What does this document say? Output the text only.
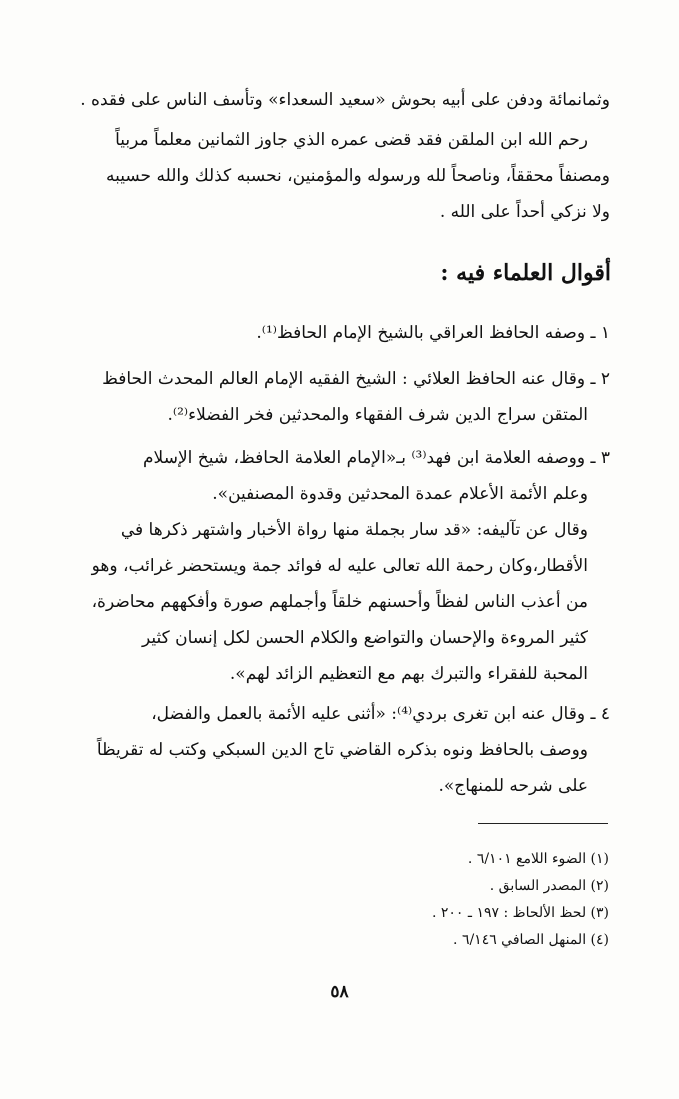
وثمانمائة ودفن على أبيه بحوش «سعيد السعداء» وتأسف الناس على فقده .
رحم الله ابن الملقن فقد قضى عمره الذي جاوز الثمانين معلماً مربياً
ومصنفاً محققاً، وناصحاً لله ورسوله والمؤمنين، نحسبه كذلك والله حسيبه
ولا نزكي أحداً على الله .
أقوال العلماء فيه :
١ ـ وصفه الحافظ العراقي بالشيخ الإمام الحافظ⁽¹⁾.
٢ ـ وقال عنه الحافظ العلائي : الشيخ الفقيه الإمام العالم المحدث الحافظ
المتقن سراج الدين شرف الفقهاء والمحدثين فخر الفضلاء⁽²⁾.
٣ ـ ووصفه العلامة ابن فهد⁽³⁾ بـ«الإمام العلامة الحافظ، شيخ الإسلام
وعلم الأئمة الأعلام عمدة المحدثين وقدوة المصنفين».
وقال عن تآليفه: «قد سار بجملة منها رواة الأخبار واشتهر ذكرها في
الأقطار،وكان رحمة الله تعالى عليه له فوائد جمة ويستحضر غرائب، وهو
من أعذب الناس لفظاً وأحسنهم خلقاً وأجملهم صورة وأفكههم محاضرة،
كثير المروءة والإحسان والتواضع والكلام الحسن لكل إنسان كثير
المحبة للفقراء والتبرك بهم مع التعظيم الزائد لهم».
٤ ـ وقال عنه ابن تغرى بردي⁽⁴⁾: «أثنى عليه الأئمة بالعمل والفضل،
ووصف بالحافظ ونوه بذكره القاضي تاج الدين السبكي وكتب له تقريظاً
على شرحه للمنهاج».
(١) الضوء اللامع ٦/١٠١ .
(٢) المصدر السابق .
(٣) لحظ الألحاظ : ١٩٧ ـ ٢٠٠ .
(٤) المنهل الصافي ٦/١٤٦ .
٥٨
